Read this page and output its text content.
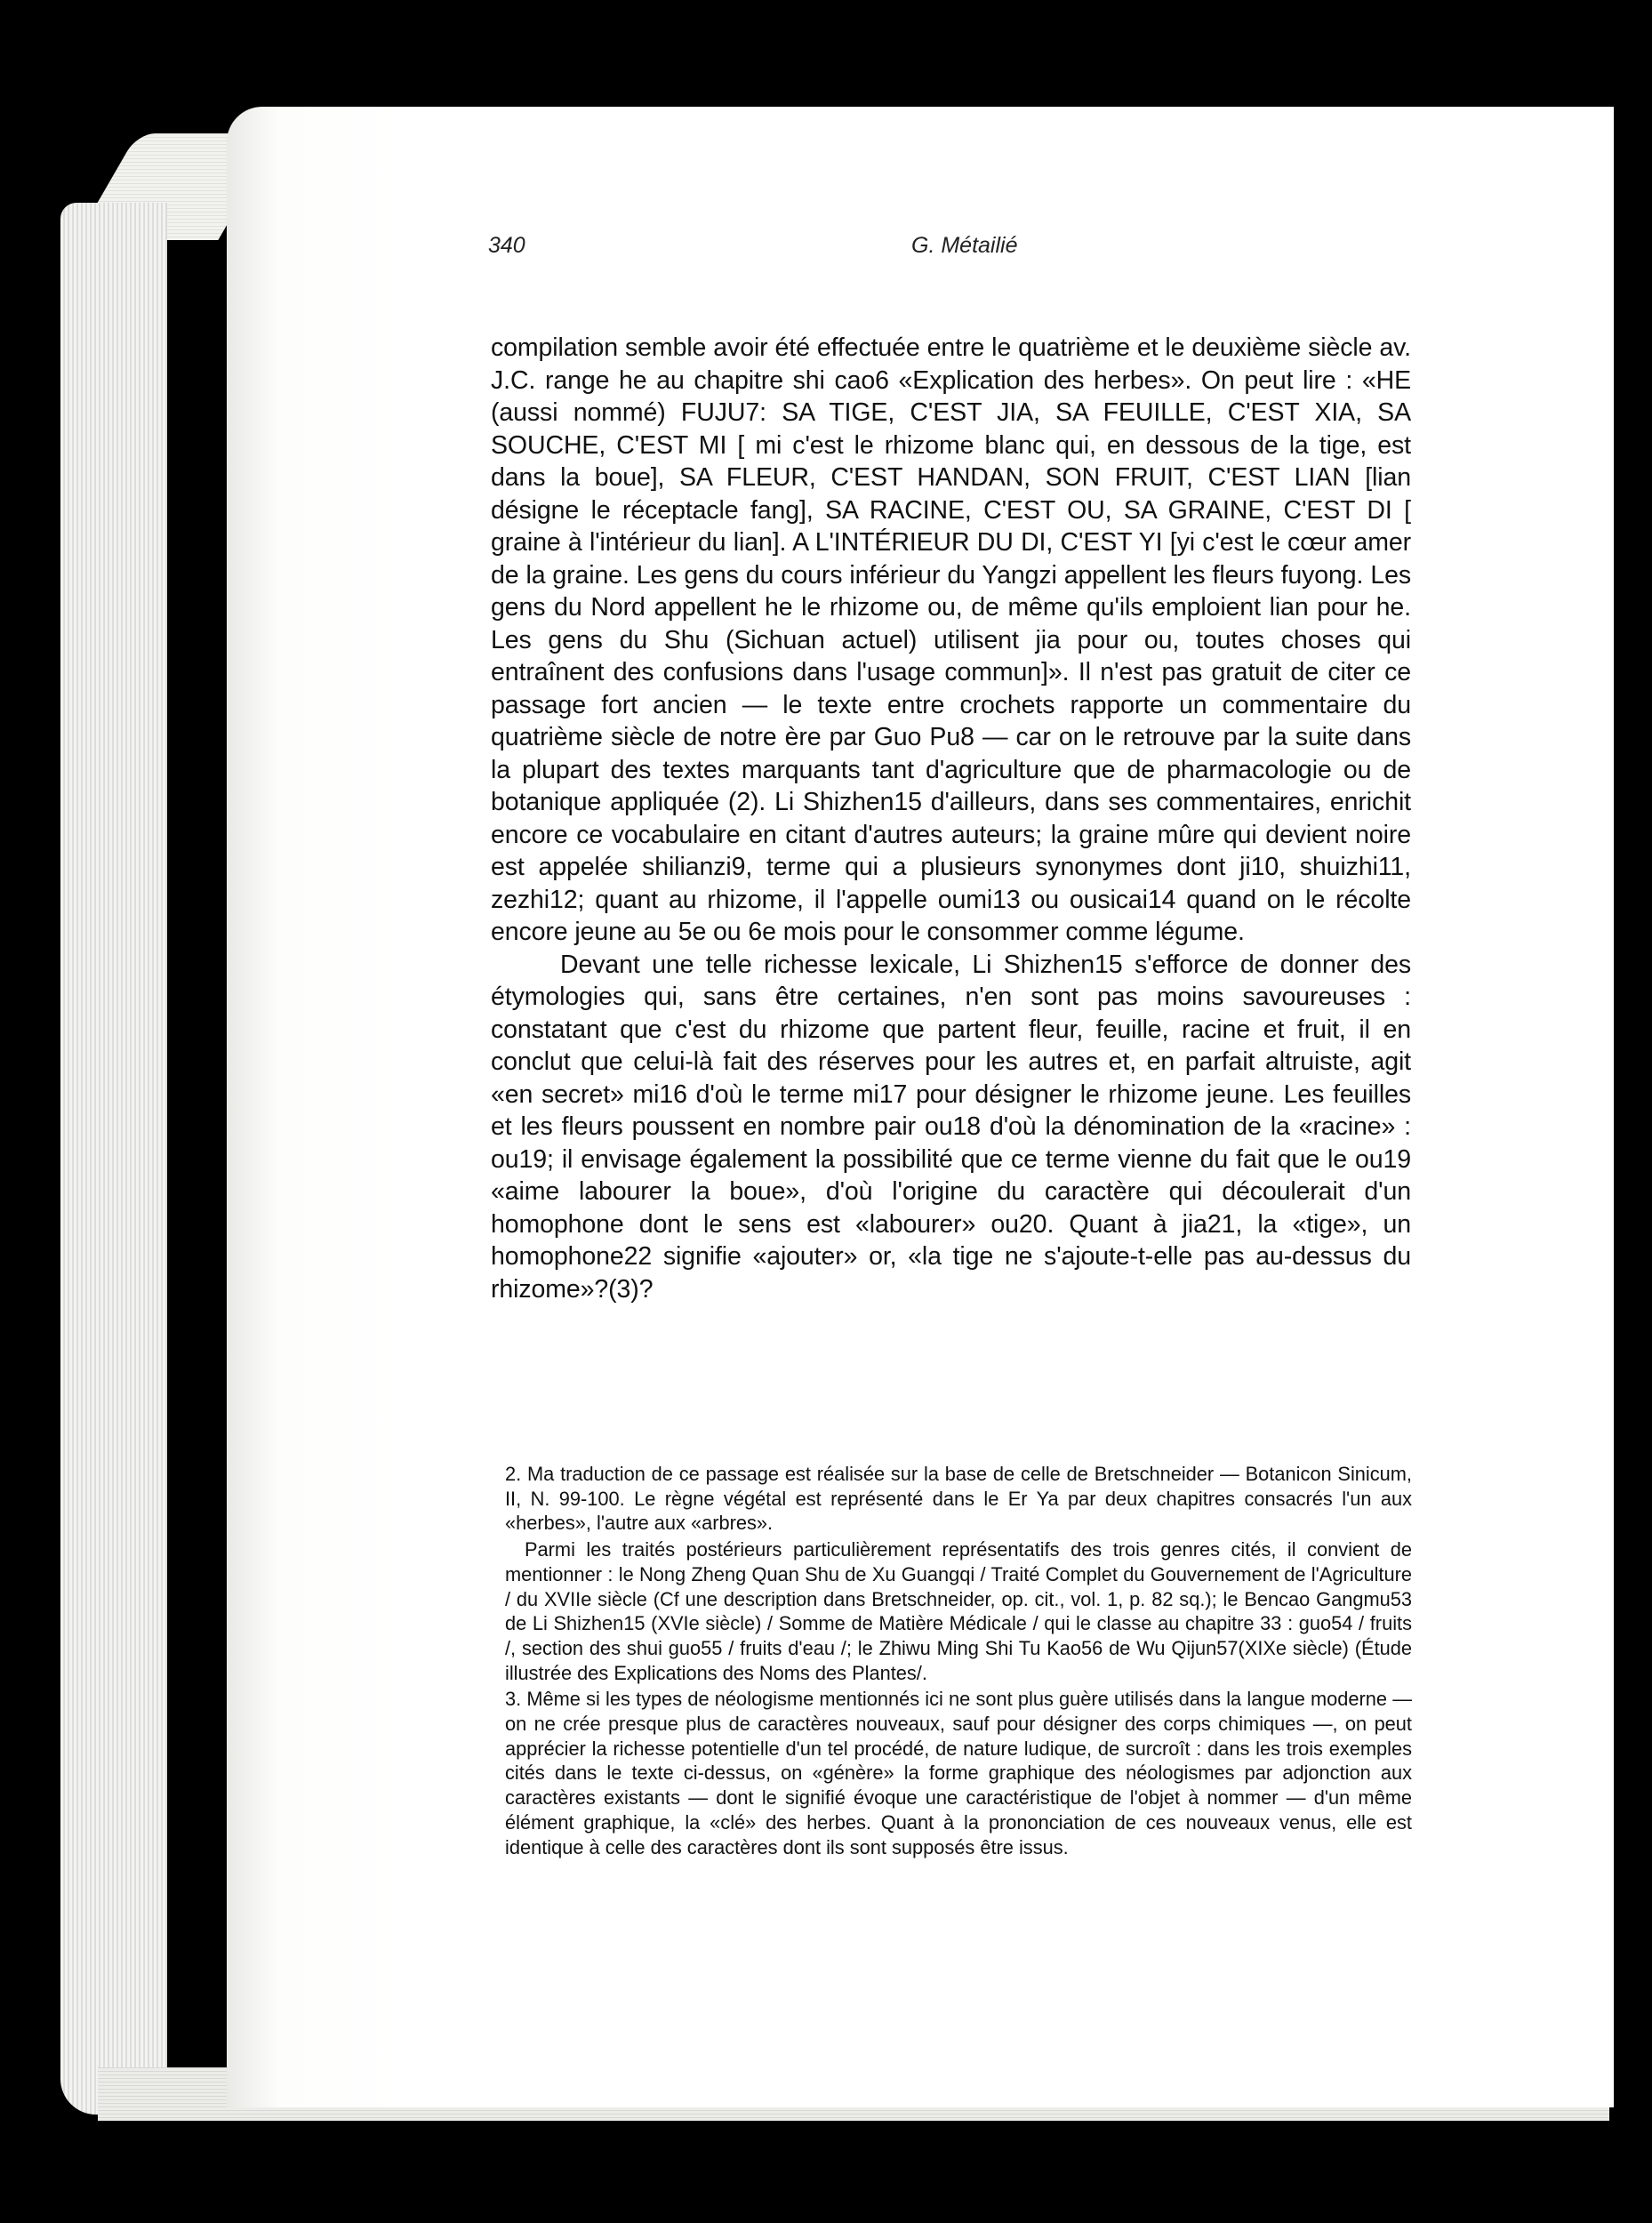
340	G. Métailié

compilation semble avoir été effectuée entre le quatrième et le deuxième siècle av. J.C. range he au chapitre shi cao6 «Explication des herbes». On peut lire : «HE (aussi nommé) FUJU7: SA TIGE, C'EST JIA, SA FEUILLE, C'EST XIA, SA SOUCHE, C'EST MI [ mi c'est le rhizome blanc qui, en dessous de la tige, est dans la boue], SA FLEUR, C'EST HANDAN, SON FRUIT, C'EST LIAN [lian désigne le réceptacle fang], SA RACINE, C'EST OU, SA GRAINE, C'EST DI [ graine à l'intérieur du lian]. A L'INTÉRIEUR DU DI, C'EST YI [yi c'est le cœur amer de la graine. Les gens du cours inférieur du Yangzi appellent les fleurs fuyong. Les gens du Nord appellent he le rhizome ou, de même qu'ils emploient lian pour he. Les gens du Shu (Sichuan actuel) utilisent jia pour ou, toutes choses qui entraînent des confusions dans l'usage commun]». Il n'est pas gratuit de citer ce passage fort ancien — le texte entre crochets rapporte un commentaire du quatrième siècle de notre ère par Guo Pu8 — car on le retrouve par la suite dans la plupart des textes marquants tant d'agriculture que de pharmacologie ou de botanique appliquée (2). Li Shizhen15 d'ailleurs, dans ses commentaires, enrichit encore ce vocabulaire en citant d'autres auteurs; la graine mûre qui devient noire est appelée shilianzi9, terme qui a plusieurs synonymes dont ji10, shuizhi11, zezhi12; quant au rhizome, il l'appelle oumi13 ou ousicai14 quand on le récolte encore jeune au 5e ou 6e mois pour le consommer comme légume.

Devant une telle richesse lexicale, Li Shizhen15 s'efforce de donner des étymologies qui, sans être certaines, n'en sont pas moins savoureuses : constatant que c'est du rhizome que partent fleur, feuille, racine et fruit, il en conclut que celui-là fait des réserves pour les autres et, en parfait altruiste, agit «en secret» mi16 d'où le terme mi17 pour désigner le rhizome jeune. Les feuilles et les fleurs poussent en nombre pair ou18 d'où la dénomination de la «racine» : ou19; il envisage également la possibilité que ce terme vienne du fait que le ou19 «aime labourer la boue», d'où l'origine du caractère qui découlerait d'un homophone dont le sens est «labourer» ou20. Quant à jia21, la «tige», un homophone22 signifie «ajouter» or, «la tige ne s'ajoute-t-elle pas au-dessus du rhizome»?(3)?

2. Ma traduction de ce passage est réalisée sur la base de celle de Bretschneider — Botanicon Sinicum, II, N. 99-100. Le règne végétal est représenté dans le Er Ya par deux chapitres consacrés l'un aux «herbes», l'autre aux «arbres».

Parmi les traités postérieurs particulièrement représentatifs des trois genres cités, il convient de mentionner : le Nong Zheng Quan Shu de Xu Guangqi / Traité Complet du Gouvernement de l'Agriculture / du XVIIe siècle (Cf une description dans Bretschneider, op. cit., vol. 1, p. 82 sq.); le Bencao Gangmu53 de Li Shizhen15 (XVIe siècle) / Somme de Matière Médicale / qui le classe au chapitre 33 : guo54 / fruits /, section des shui guo55 / fruits d'eau /; le Zhiwu Ming Shi Tu Kao56 de Wu Qijun57(XIXe siècle) (Étude illustrée des Explications des Noms des Plantes/.

3. Même si les types de néologisme mentionnés ici ne sont plus guère utilisés dans la langue moderne — on ne crée presque plus de caractères nouveaux, sauf pour désigner des corps chimiques —, on peut apprécier la richesse potentielle d'un tel procédé, de nature ludique, de surcroît : dans les trois exemples cités dans le texte ci-dessus, on «génère» la forme graphique des néologismes par adjonction aux caractères existants — dont le signifié évoque une caractéristique de l'objet à nommer — d'un même élément graphique, la «clé» des herbes. Quant à la prononciation de ces nouveaux venus, elle est identique à celle des caractères dont ils sont supposés être issus.
